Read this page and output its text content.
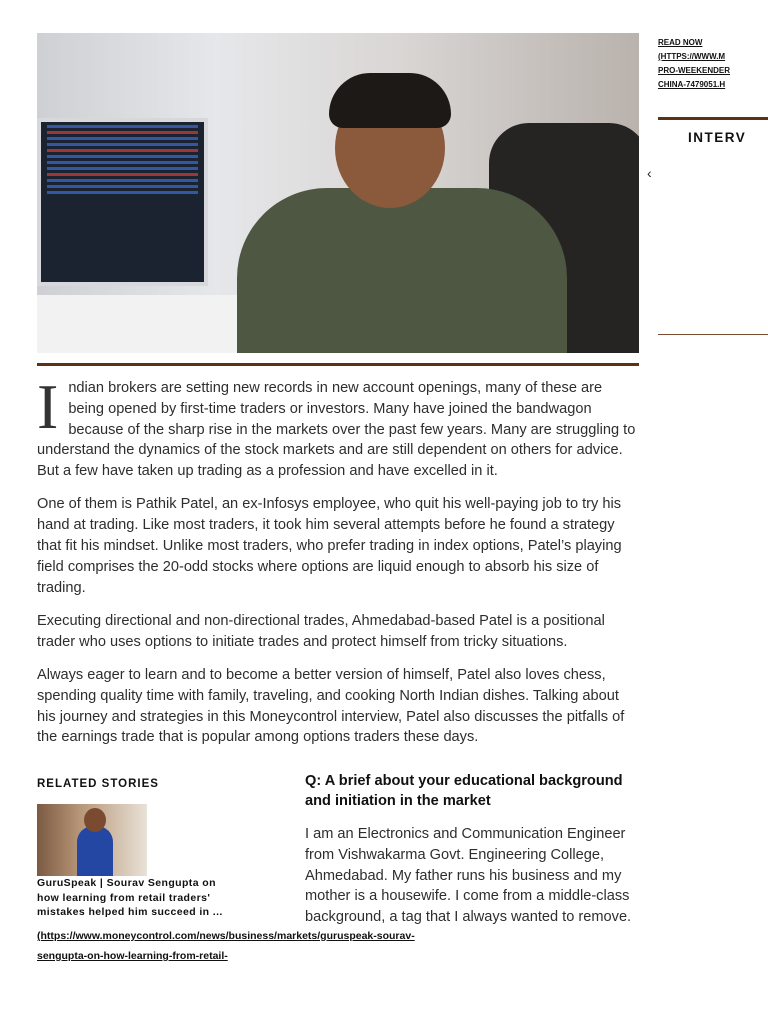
Indian brokers are setting new records in new account openings, many of these are being opened by first-time traders or investors. Many have joined the bandwagon because of the sharp rise in the markets over the past few years. Many are struggling to understand the dynamics of the stock markets and are still dependent on others for advice. But a few have taken up trading as a profession and have excelled in it.

One of them is Pathik Patel, an ex-Infosys employee, who quit his well-paying job to try his hand at trading. Like most traders, it took him several attempts before he found a strategy that fit his mindset. Unlike most traders, who prefer trading in index options, Patel’s playing field comprises the 20-odd stocks where options are liquid enough to absorb his size of trading.

Executing directional and non-directional trades, Ahmedabad-based Patel is a positional trader who uses options to initiate trades and protect himself from tricky situations.

Always eager to learn and to become a better version of himself, Patel also loves chess, spending quality time with family, traveling, and cooking North Indian dishes. Talking about his journey and strategies in this Moneycontrol interview, Patel also discusses the pitfalls of the earnings trade that is popular among options traders these days.

RELATED STORIES
GuruSpeak | Sourav Sengupta on how learning from retail traders' mistakes helped him succeed in ...
(https://www.moneycontrol.com/news/business/markets/guruspeak-sourav-sengupta-on-how-learning-from-retail-

Q: A brief about your educational background and initiation in the market

I am an Electronics and Communication Engineer from Vishwakarma Govt. Engineering College, Ahmedabad. My father runs his business and my mother is a housewife. I come from a middle-class background, a tag that I always wanted to remove.

READ NOW
(HTTPS://WWW.M
PRO-WEEKENDER
CHINA-7479051.H
INTERV
‹
